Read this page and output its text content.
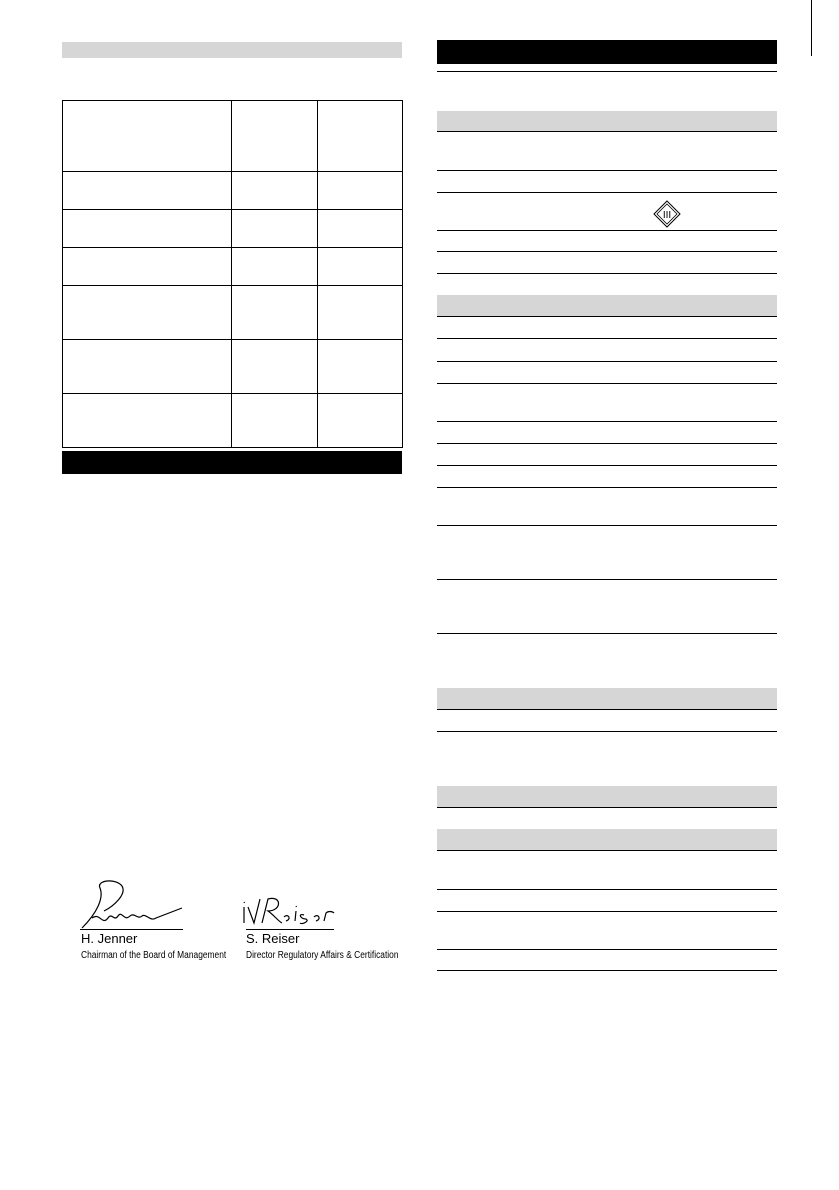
H. Jenner
Chairman of the Board of Management
S. Reiser
Director Regulatory Affairs & Certification
III
